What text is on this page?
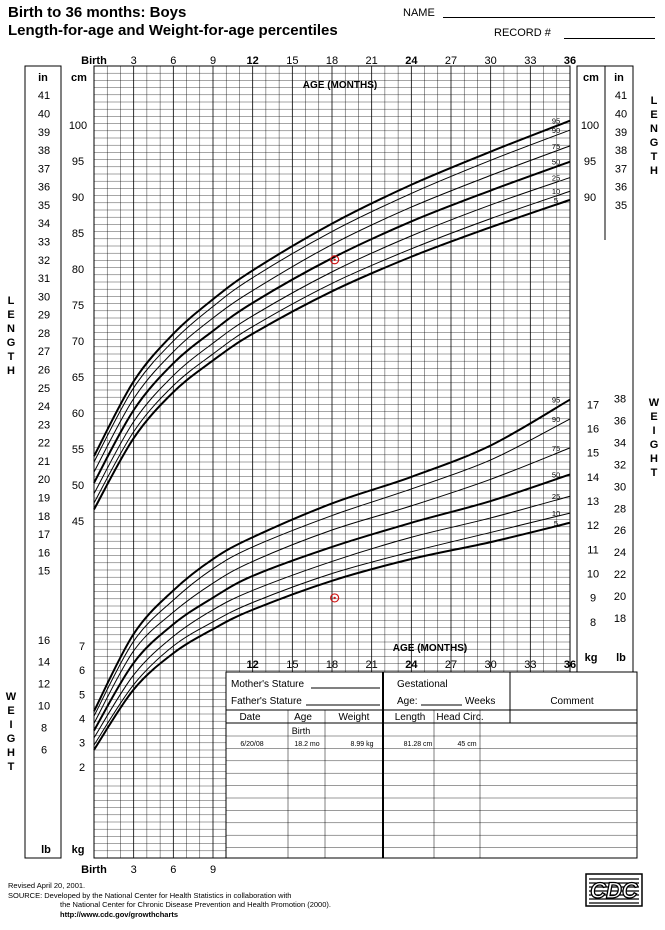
Birth to 36 months: Boys
Length-for-age and Weight-for-age percentiles
NAME
RECORD #
L
E
N
G
T
H
L
E
N
G
T
H
W
E
I
G
H
T
W
E
I
G
H
T
Birth 3	6	9	12 15 18 21 24 27 30 33 36
AGE (MONTHS)
in cm	cm in
45
50
55
60
65
70
75
80
85
90	90
95	95
100	100
15
16
17
18
19
20
21
22
23
24
25
26
27
28
29
30
31
32
33
34
35	35
36	36
37	37
38	38
39	39
40	40
41	41
8
9
10
11
12
13
14
15
16
17
18
20
22
24
26
28
30
32
34
36
38
2
3
4
5
6
7
6
8
10
12
14
16
lb kg
kg lb
Birth 3	6	9
12 15 18 21 24 27 30 33 36
AGE (MONTHS)
95
90
75
50
25
10
5
95
90
75
50
25
10
5
Mother's Stature
Father's Stature
Gestational
Age:	Weeks	Comment
Date	Age	Weight	Length Head Circ.
Birth
6/20/08	18.2 mo	8.99 kg	81.28 cm	45 cm
Revised April 20, 2001.
SOURCE: Developed by the National Center for Health Statistics in collaboration with
the National Center for Chronic Disease Prevention and Health Promotion (2000).
http://www.cdc.gov/growthcharts
CDC
